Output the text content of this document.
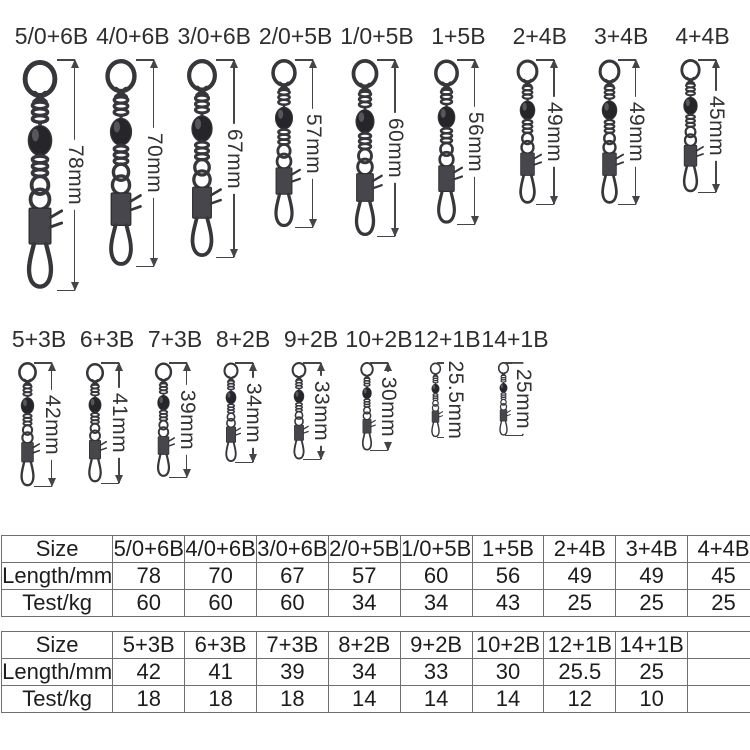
5/0+6B
78mm
4/0+6B
70mm
3/0+6B
67mm
2/0+5B
57mm
1/0+5B
60mm
1+5B
56mm
2+4B
49mm
3+4B
49mm
4+4B
45mm
5+3B
42mm
6+3B
41mm
7+3B
39mm
8+2B
34mm
9+2B
33mm
10+2B
30mm
12+1B
25.5mm
14+1B
25mm
Size	5/0+6B	4/0+6B	3/0+6B	2/0+5B	1/0+5B	1+5B	2+4B	3+4B	4+4B
Length/mm	78	70	67	57	60	56	49	49	45
Test/kg	60	60	60	34	34	43	25	25	25
Size	5+3B	6+3B	7+3B	8+2B	9+2B	10+2B	12+1B	14+1B	
Length/mm	42	41	39	34	33	30	25.5	25	
Test/kg	18	18	18	14	14	14	12	10	
